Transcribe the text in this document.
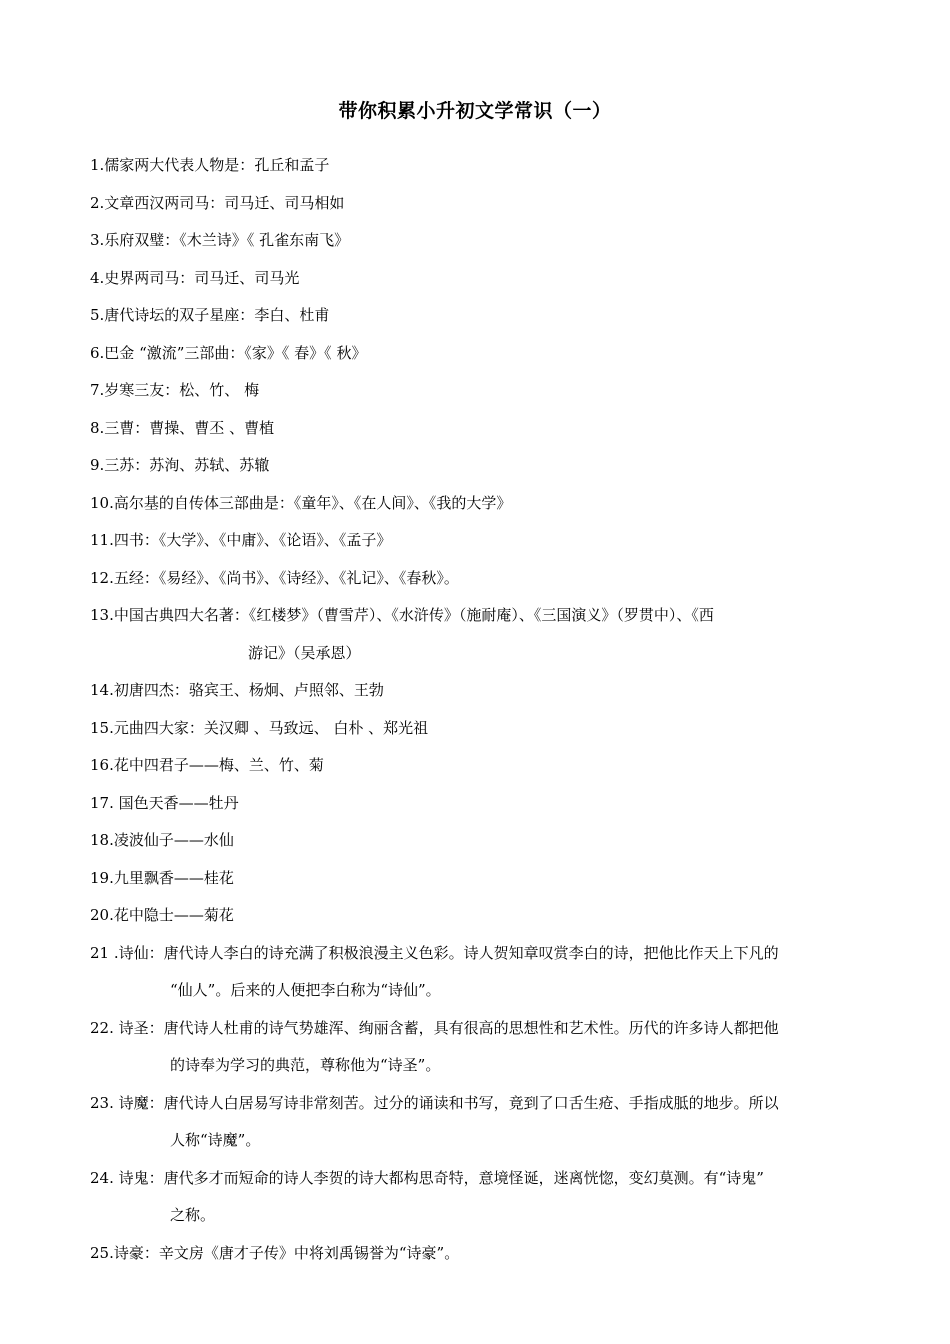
带你积累小升初文学常识（一）
1.儒家两大代表人物是：孔丘和孟子
2.文章西汉两司马：司马迁、司马相如
3.乐府双璧：《木兰诗》《 孔雀东南飞》
4.史界两司马：司马迁、司马光
5.唐代诗坛的双子星座：李白、杜甫
6.巴金 “激流”三部曲：《家》《 春》《 秋》
7.岁寒三友：松、竹、 梅
8.三曹：曹操、曹丕 、曹植
9.三苏：苏洵、苏轼、苏辙
10.高尔基的自传体三部曲是：《童年》、《在人间》、《我的大学》
11.四书：《大学》、《中庸》、《论语》、《孟子》
12.五经：《易经》、《尚书》、《诗经》、《礼记》、《春秋》。
13.中国古典四大名著：《红楼梦》（曹雪芹）、《水浒传》（施耐庵）、《三国演义》（罗贯中）、《西
游记》（吴承恩）
14.初唐四杰：骆宾王、杨炯、卢照邻、王勃
15.元曲四大家：关汉卿 、马致远、 白朴 、郑光祖
16.花中四君子——梅、兰、竹、菊
17. 国色天香——牡丹
18.凌波仙子——水仙
19.九里飘香——桂花
20.花中隐士——菊花
21 .诗仙：唐代诗人李白的诗充满了积极浪漫主义色彩。诗人贺知章叹赏李白的诗，把他比作天上下凡的
“仙人”。后来的人便把李白称为“诗仙”。
22. 诗圣：唐代诗人杜甫的诗气势雄浑、绚丽含蓄，具有很高的思想性和艺术性。历代的许多诗人都把他
的诗奉为学习的典范，尊称他为“诗圣”。
23. 诗魔：唐代诗人白居易写诗非常刻苦。过分的诵读和书写，竟到了口舌生疮、手指成胝的地步。所以
人称“诗魔”。
24. 诗鬼：唐代多才而短命的诗人李贺的诗大都构思奇特，意境怪诞，迷离恍惚，变幻莫测。有“诗鬼”
之称。
25.诗豪：辛文房《唐才子传》中将刘禹锡誉为“诗豪”。
